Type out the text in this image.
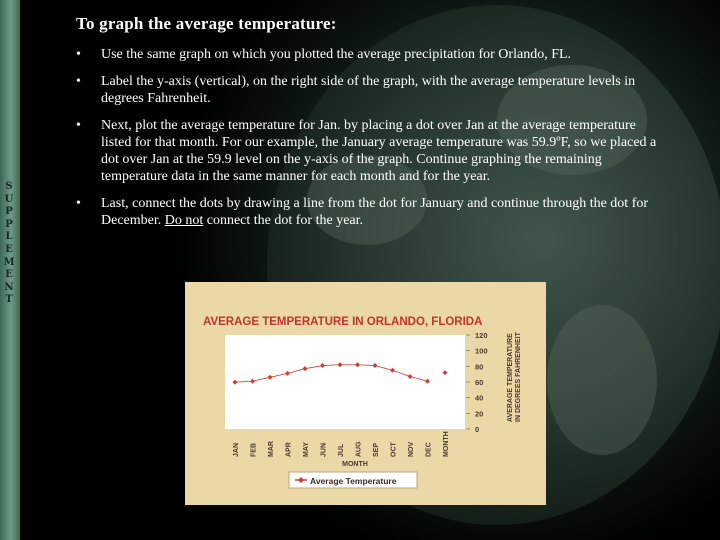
S
U
P
P
L
E
M
E
N
T
To graph the average temperature:
• Use the same graph on which you plotted the average precipitation for Orlando, FL.
• Label the y-axis (vertical), on the right side of the graph, with the average temperature levels in degrees Fahrenheit.
• Next, plot the average temperature for Jan. by placing a dot over Jan at the average temperature listed for that month. For our example, the January average temperature was 59.9ºF, so we placed a dot over Jan at the 59.9 level on the y-axis of the graph. Continue graphing the remaining temperature data in the same manner for each month and for the year.
• Last, connect the dots by drawing a line from the dot for January and continue through the dot for December. Do not connect the dot for the year.
AVERAGE TEMPERATURE IN ORLANDO, FLORIDA
0
20
40
60
80
100
120
JAN FEB MAR APR MAY JUN JUL AUG SEP OCT NOV DEC MONTH
MONTH
AVERAGE TEMPERATURE IN DEGREES FAHRENHEIT
Average Temperature
